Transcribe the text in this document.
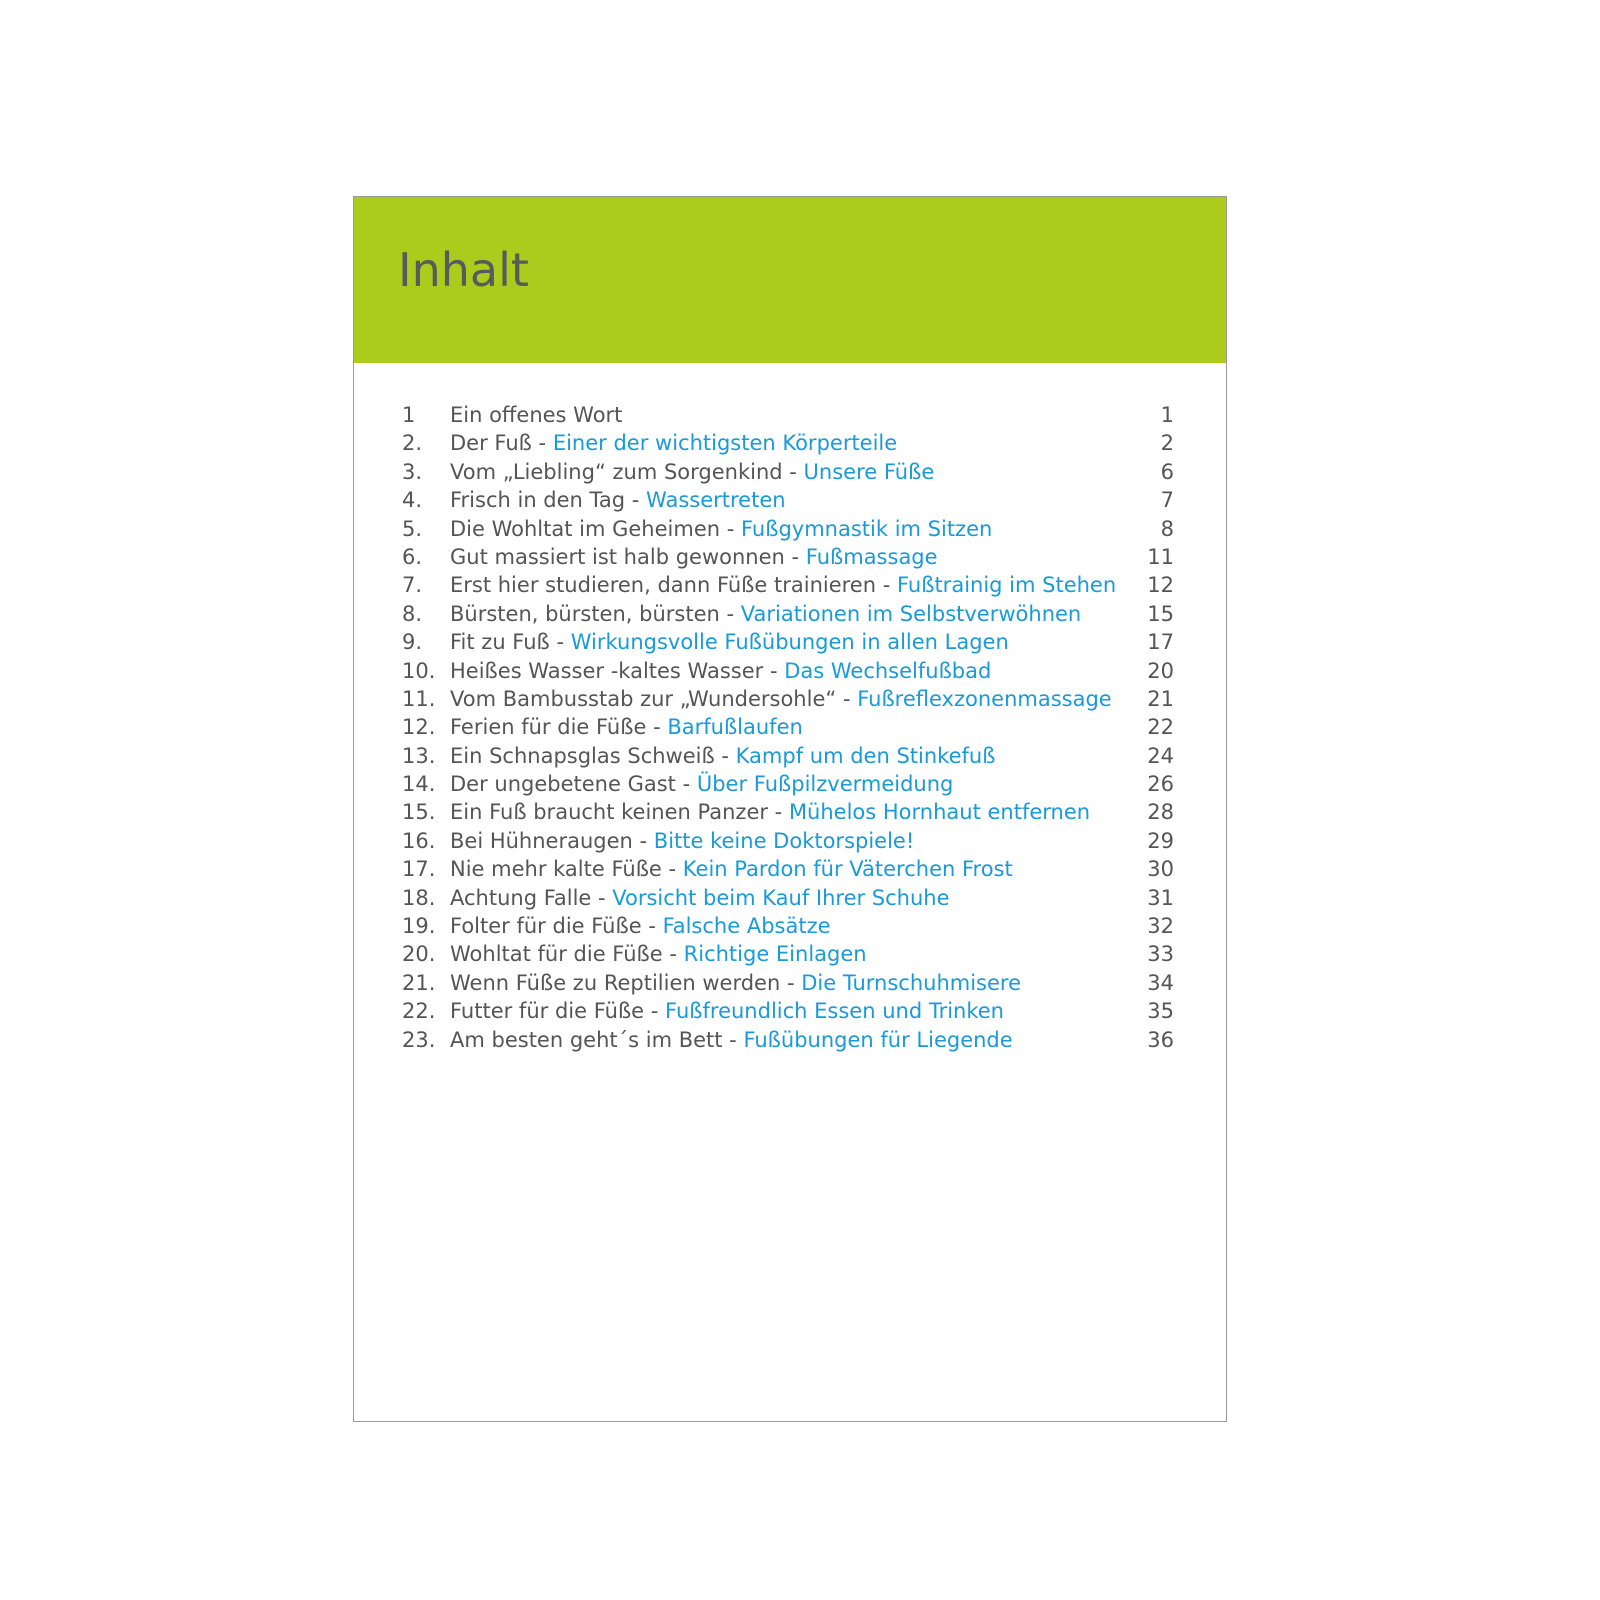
Inhalt
1	Ein offenes Wort	1
2.	Der Fuß - Einer der wichtigsten Körperteile	2
3.	Vom „Liebling“ zum Sorgenkind - Unsere Füße	6
4.	Frisch in den Tag - Wassertreten	7
5.	Die Wohltat im Geheimen - Fußgymnastik im Sitzen	8
6.	Gut massiert ist halb gewonnen - Fußmassage	11
7.	Erst hier studieren, dann Füße trainieren - Fußtrainig im Stehen 12
8.	Bürsten, bürsten, bürsten - Variationen im Selbstverwöhnen	15
9.	Fit zu Fuß - Wirkungsvolle Fußübungen in allen Lagen	17
10. Heißes Wasser -kaltes Wasser - Das Wechselfußbad	20
11. Vom Bambusstab zur „Wundersohle“ - Fußreflexzonenmassage 21
12. Ferien für die Füße - Barfußlaufen	22
13. Ein Schnapsglas Schweiß - Kampf um den Stinkefuß	24
14. Der ungebetene Gast - Über Fußpilzvermeidung	26
15. Ein Fuß braucht keinen Panzer - Mühelos Hornhaut entfernen	28
16. Bei Hühneraugen - Bitte keine Doktorspiele!	29
17. Nie mehr kalte Füße - Kein Pardon für Väterchen Frost	30
18. Achtung Falle - Vorsicht beim Kauf Ihrer Schuhe	31
19. Folter für die Füße - Falsche Absätze	32
20. Wohltat für die Füße - Richtige Einlagen	33
21. Wenn Füße zu Reptilien werden - Die Turnschuhmisere	34
22. Futter für die Füße - Fußfreundlich Essen und Trinken	35
23. Am besten geht´s im Bett - Fußübungen für Liegende	36
